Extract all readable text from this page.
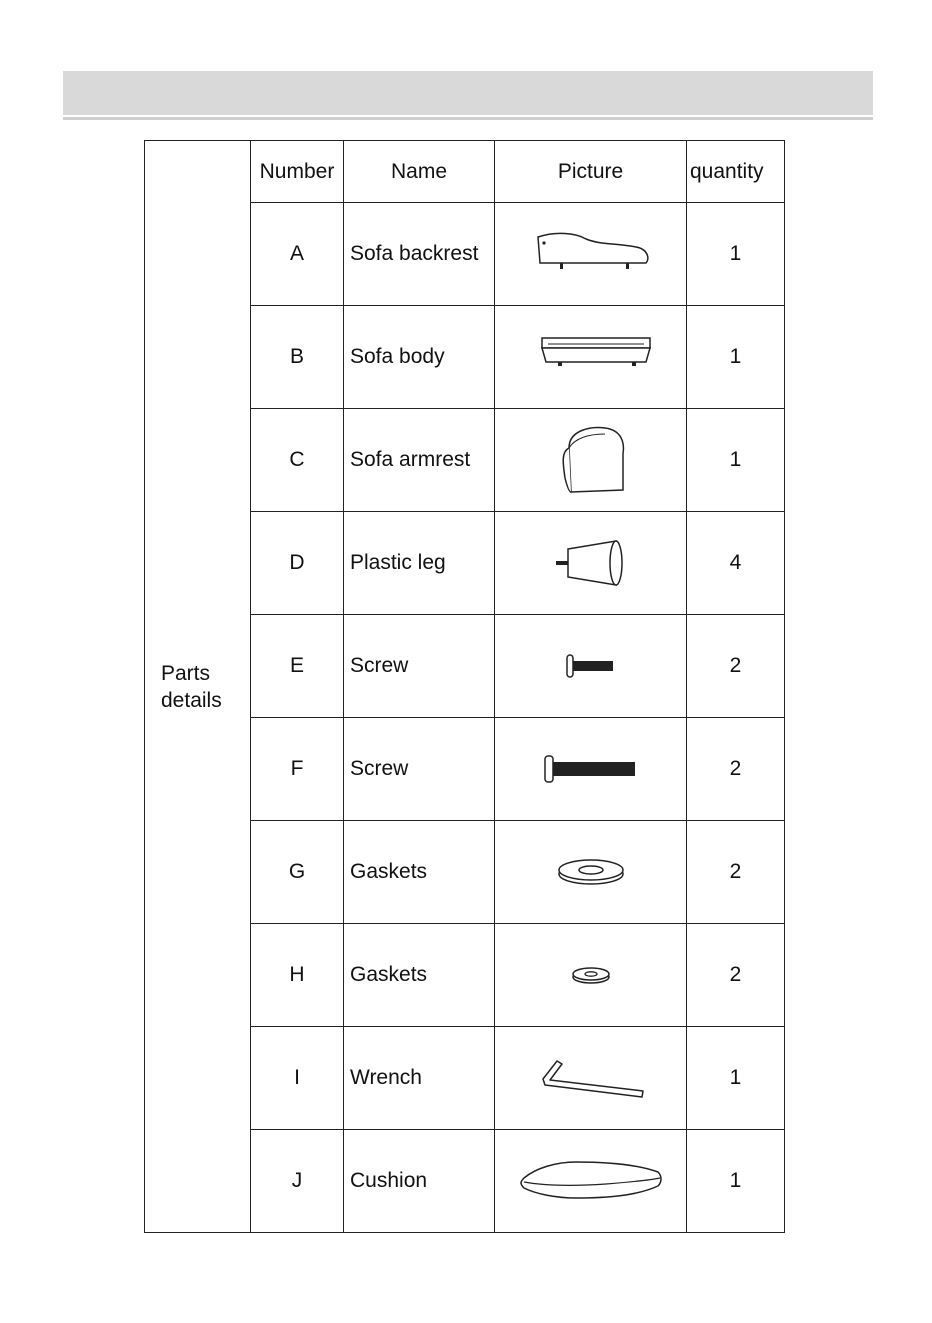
Parts
details	Number	Name	Picture	quantity
	A	Sofa backrest		1
	B	Sofa body		1
	C	Sofa armrest		1
	D	Plastic leg		4
	E	Screw		2
	F	Screw		2
	G	Gaskets		2
	H	Gaskets		2
	I	Wrench		1
	J	Cushion		1
